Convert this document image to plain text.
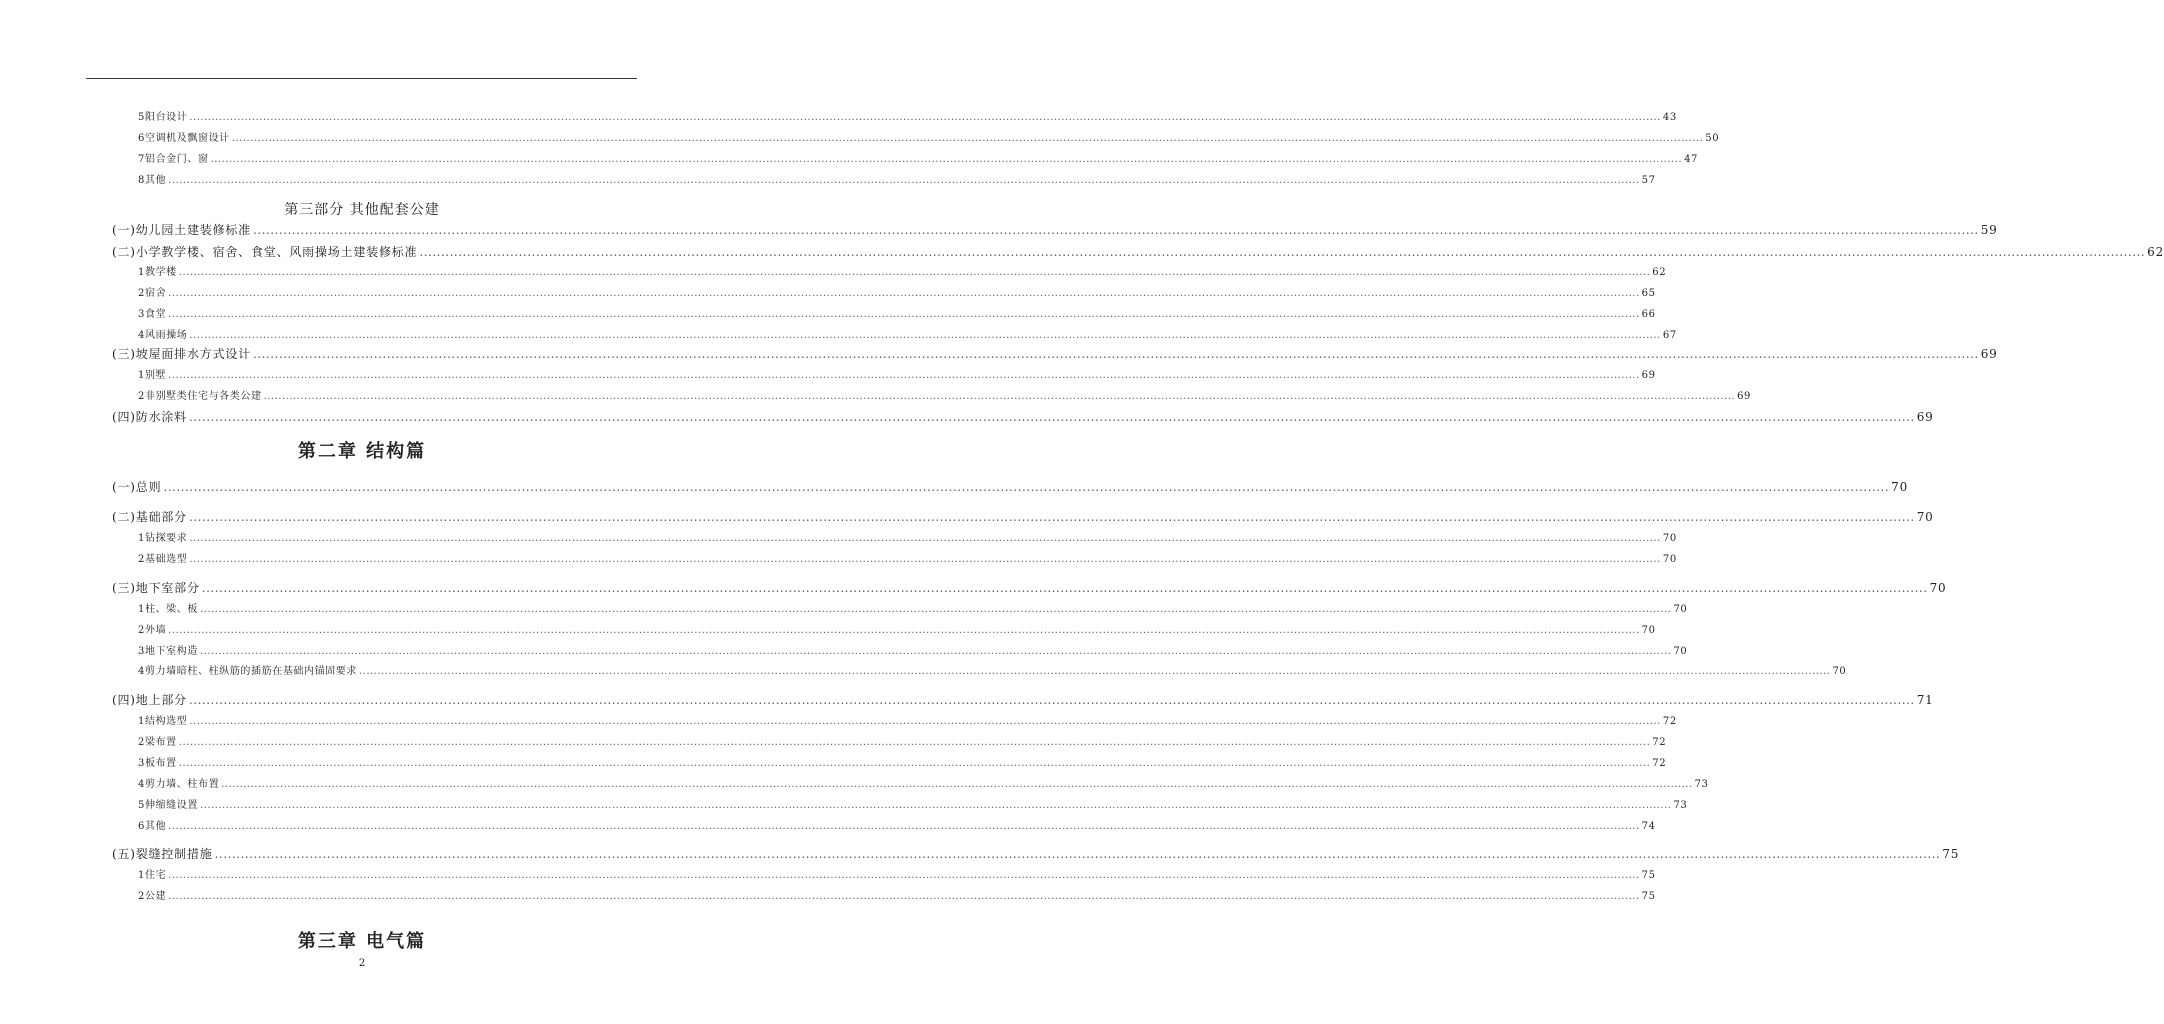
5 阳台设计 ................................................................................................................................................................................................................................................................................................................................................................................................................ 43
6 空调机及飘窗设计 ................................................................................................................................................................................................................................................................................................................................................................................................................ 50
7 铝合金门、窗 ................................................................................................................................................................................................................................................................................................................................................................................................................ 47
8 其他 ................................................................................................................................................................................................................................................................................................................................................................................................................ 57
第三部分 其他配套公建
(一) 幼儿园土建装修标准 ................................................................................................................................................................................................................................................................................................................................................................................................................ 59
(二) 小学教学楼、宿舍、食堂、风雨操场土建装修标准 ................................................................................................................................................................................................................................................................................................................................................................................................................ 62
1 教学楼 ................................................................................................................................................................................................................................................................................................................................................................................................................ 62
2 宿舍 ................................................................................................................................................................................................................................................................................................................................................................................................................ 65
3 食堂 ................................................................................................................................................................................................................................................................................................................................................................................................................ 66
4 风雨操场 ................................................................................................................................................................................................................................................................................................................................................................................................................ 67
(三) 坡屋面排水方式设计 ................................................................................................................................................................................................................................................................................................................................................................................................................ 69
1 别墅 ................................................................................................................................................................................................................................................................................................................................................................................................................ 69
2 非别墅类住宅与各类公建 ................................................................................................................................................................................................................................................................................................................................................................................................................ 69
(四) 防水涂料 ................................................................................................................................................................................................................................................................................................................................................................................................................ 69
第二章 结构篇
(一) 总则 ................................................................................................................................................................................................................................................................................................................................................................................................................ 70
(二) 基础部分 ................................................................................................................................................................................................................................................................................................................................................................................................................ 70
1 钻探要求 ................................................................................................................................................................................................................................................................................................................................................................................................................ 70
2 基础选型 ................................................................................................................................................................................................................................................................................................................................................................................................................ 70
(三) 地下室部分 ................................................................................................................................................................................................................................................................................................................................................................................................................ 70
1 柱、梁、板 ................................................................................................................................................................................................................................................................................................................................................................................................................ 70
2 外墙 ................................................................................................................................................................................................................................................................................................................................................................................................................ 70
3 地下室构造 ................................................................................................................................................................................................................................................................................................................................................................................................................ 70
4 剪力墙暗柱、柱纵筋的插筋在基础内锚固要求 ................................................................................................................................................................................................................................................................................................................................................................................................................ 70
(四) 地上部分 ................................................................................................................................................................................................................................................................................................................................................................................................................ 71
1 结构选型 ................................................................................................................................................................................................................................................................................................................................................................................................................ 72
2 梁布置 ................................................................................................................................................................................................................................................................................................................................................................................................................ 72
3 板布置 ................................................................................................................................................................................................................................................................................................................................................................................................................ 72
4 剪力墙、柱布置 ................................................................................................................................................................................................................................................................................................................................................................................................................ 73
5 伸缩缝设置 ................................................................................................................................................................................................................................................................................................................................................................................................................ 73
6 其他 ................................................................................................................................................................................................................................................................................................................................................................................................................ 74
(五) 裂缝控制措施 ................................................................................................................................................................................................................................................................................................................................................................................................................ 75
1 住宅 ................................................................................................................................................................................................................................................................................................................................................................................................................ 75
2 公建 ................................................................................................................................................................................................................................................................................................................................................................................................................ 75
第三章 电气篇
2
